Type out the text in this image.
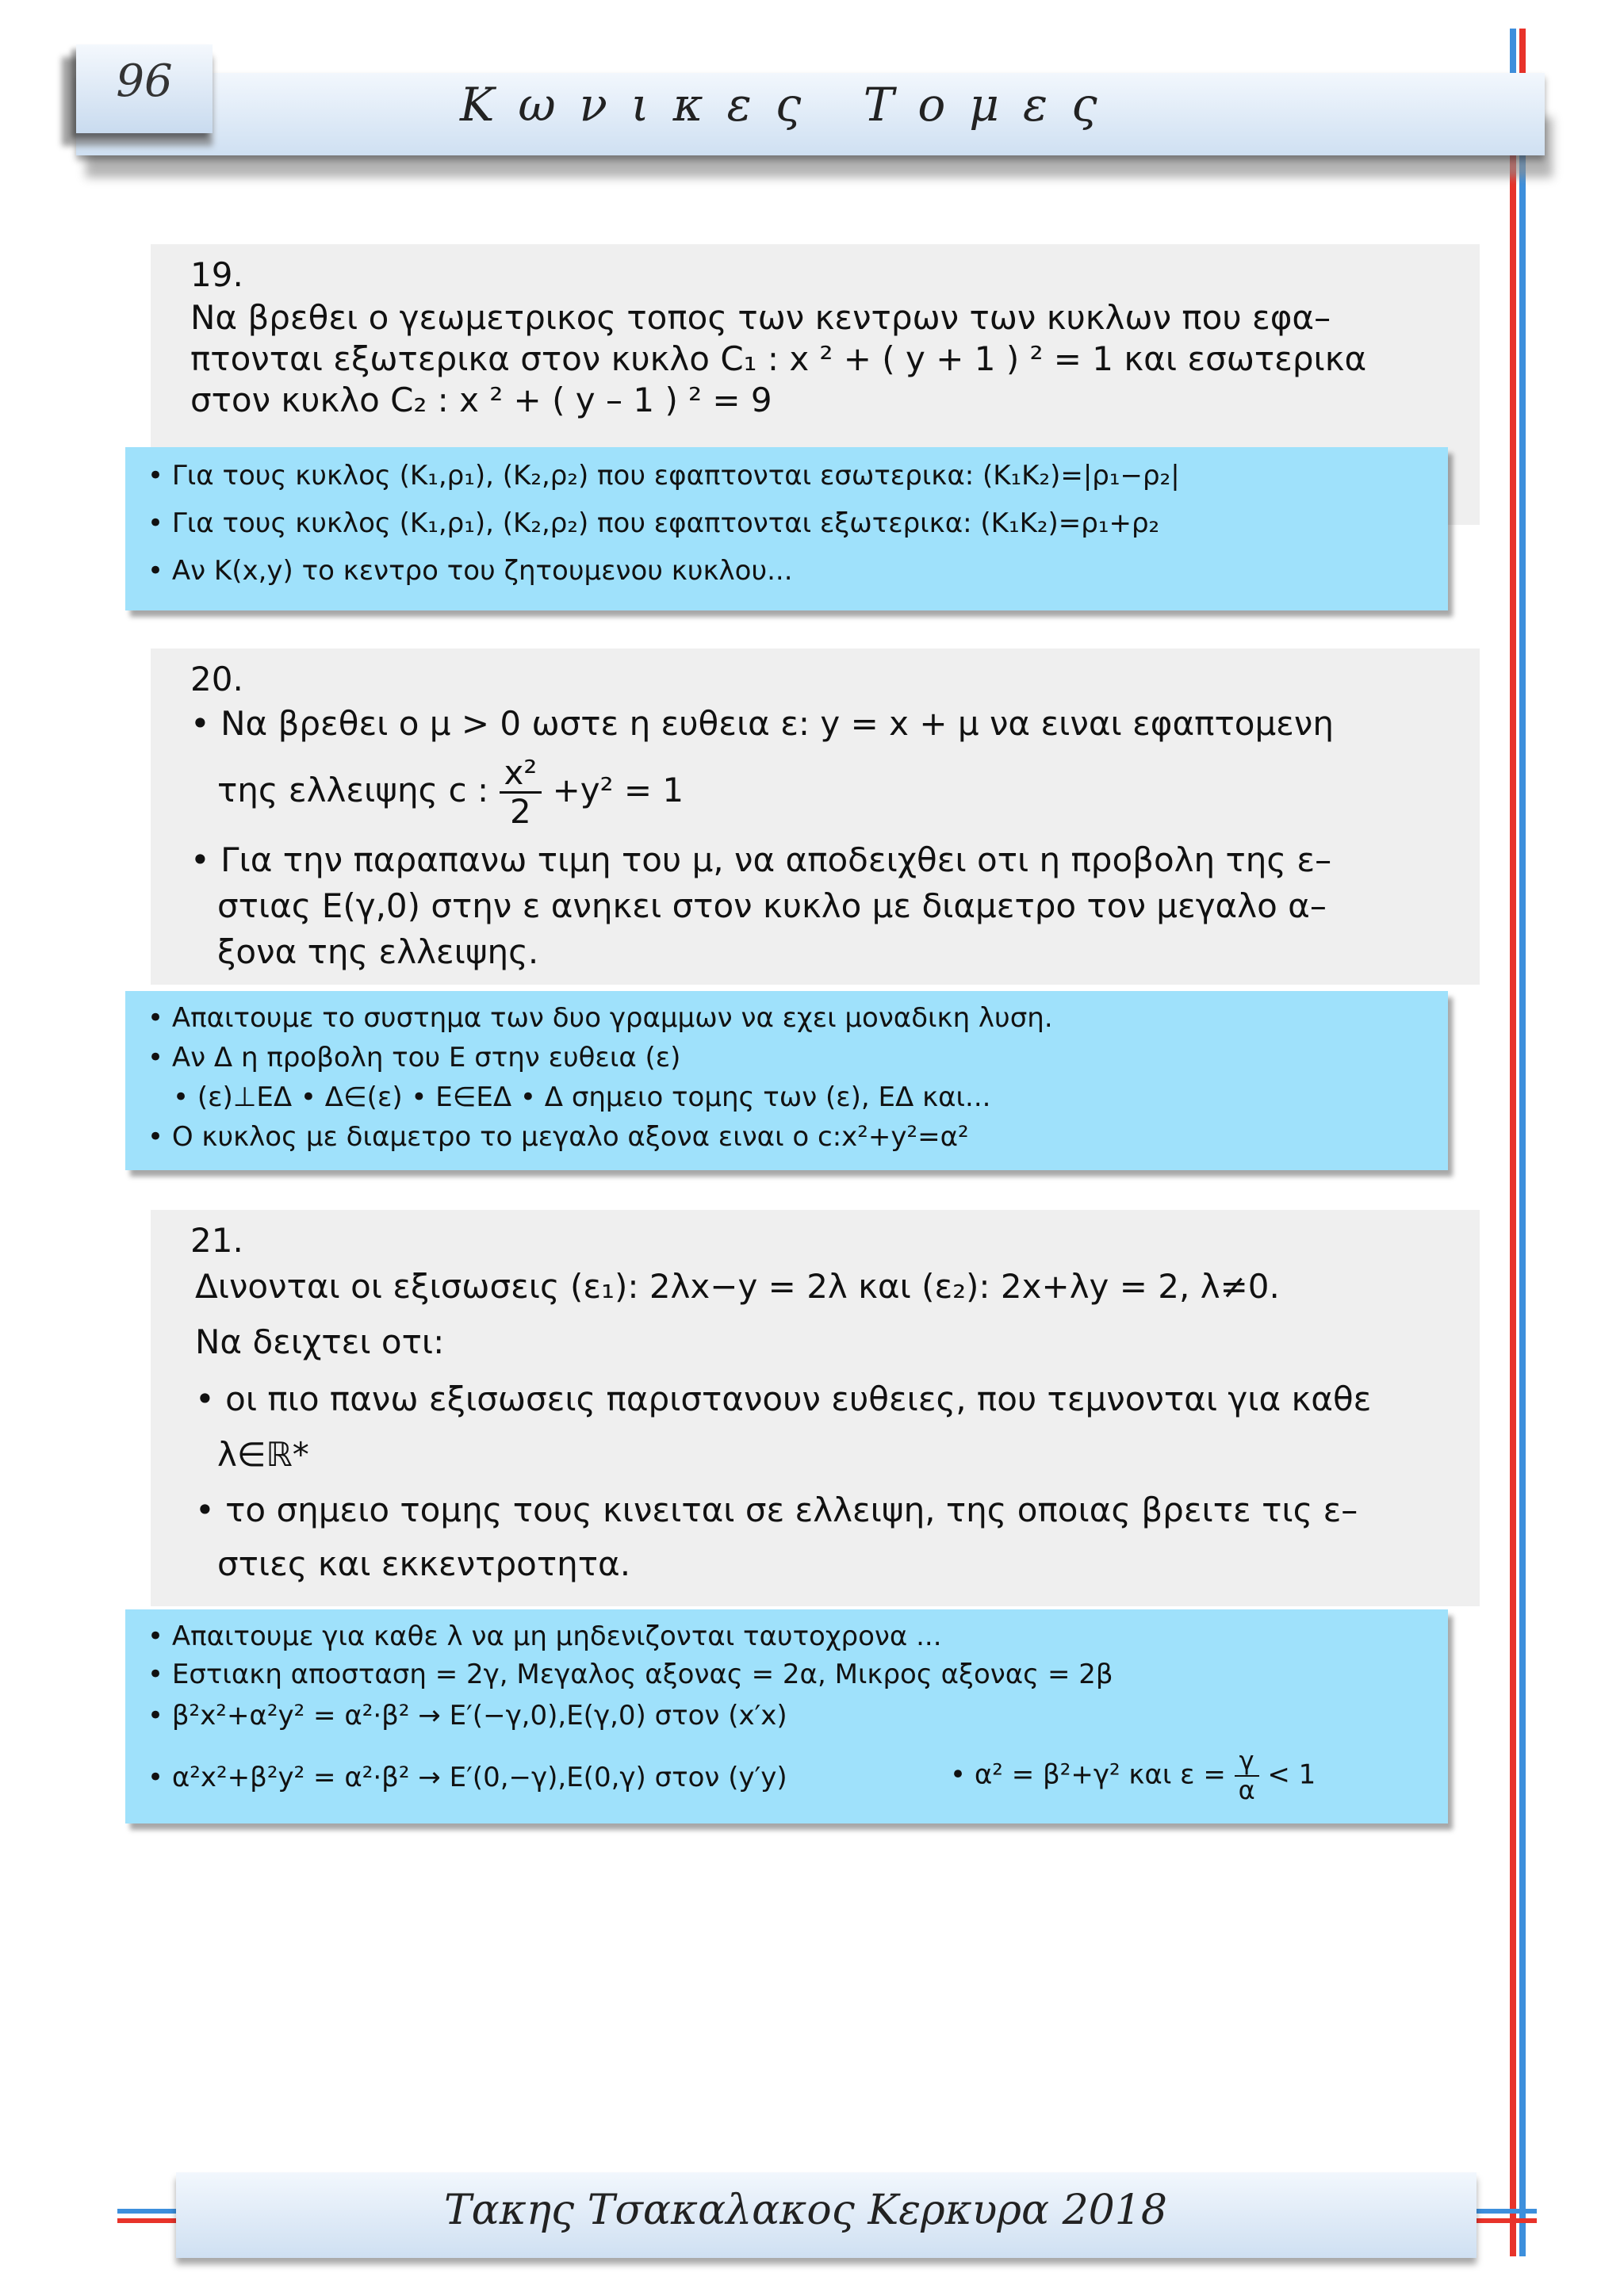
96	Κωνικες Τομες
19.
Να βρεθει ο γεωμετρικος τοπος των κεντρων των κυκλων που εφα–
πτονται εξωτερικα στον κυκλο C₁ : x ² + ( y + 1 ) ² = 1 και εσωτερικα
στον κυκλο C₂ : x ² + ( y – 1 ) ² = 9
• Για τους κυκλος (K₁,ρ₁), (K₂,ρ₂) που εφαπτονται εσωτερικα: (K₁K₂)=|ρ₁−ρ₂|
• Για τους κυκλος (K₁,ρ₁), (K₂,ρ₂) που εφαπτονται εξωτερικα: (K₁K₂)=ρ₁+ρ₂
• Αν K(x,y) το κεντρο του ζητουμενου κυκλου...
20.
• Να βρεθει ο μ > 0 ωστε η ευθεια ε: y = x + μ να ειναι εφαπτομενη
της ελλειψης c : $\frac{\text{x²}}{2} +y^2 = 1$
• Για την παραπανω τιμη του μ, να αποδειχθει οτι η προβολη της ε–
στιας Ε(γ,0) στην ε ανηκει στον κυκλο με διαμετρο τον μεγαλο α–
ξονα της ελλειψης.
• Απαιτουμε το συστημα των δυο γραμμων να εχει μοναδικη λυση.
• Αν Δ η προβολη του Ε στην ευθεια (ε)
• (ε)⊥ΕΔ • Δ∈(ε) • Ε∈ΕΔ • Δ σημειο τομης των (ε), ΕΔ και...
• Ο κυκλος με διαμετρο το μεγαλο αξονα ειναι ο c:x²+y²=α²
21.
Δινονται οι εξισωσεις (ε₁): 2λx−y = 2λ και (ε₂): 2x+λy = 2, λ≠0.
Να δειχτει οτι:
• οι πιο πανω εξισωσεις παριστανουν ευθειες, που τεμνονται για καθε
λ∈ℝ*
• το σημειο τομης τους κινειται σε ελλειψη, της οποιας βρειτε τις ε–
στιες και εκκεντροτητα.
• Απαιτουμε για καθε λ να μη μηδενιζονται ταυτοχρονα ...
• Εστιακη αποσταση = 2γ, Μεγαλος αξονας = 2α, Μικρος αξονας = 2β
• β²x²+α²y² = α²·β² → Ε′(−γ,0),Ε(γ,0) στον (x′x)
• α²x²+β²y² = α²·β² → Ε′(0,−γ),Ε(0,γ) στον (y′y)	• α² = β²+γ² και $\varepsilon = \frac{\gamma}{\alpha} < 1$
Τακης Τσακαλακος Κερκυρα 2018
